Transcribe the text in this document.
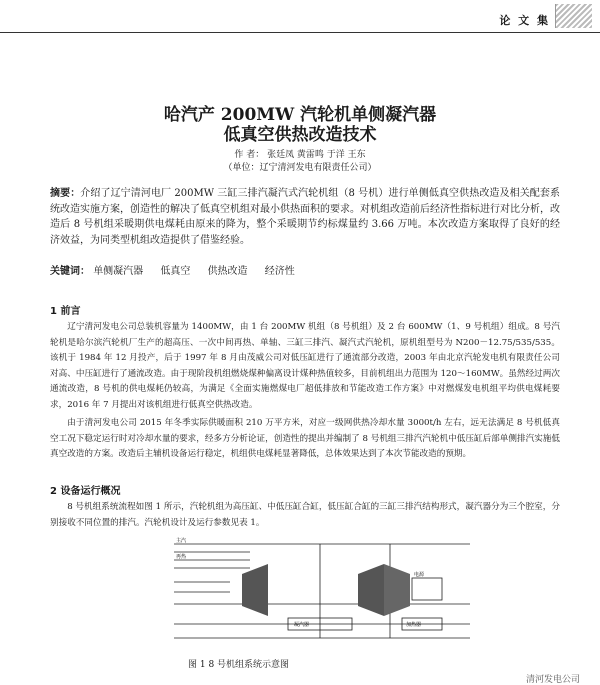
论 文 集
哈汽产 200MW 汽轮机单侧凝汽器
低真空供热改造技术
作 者： 张廷凤 黄雷鸣 于洋 王东
（单位：辽宁清河发电有限责任公司）
摘要：介绍了辽宁清河电厂 200MW 三缸三排汽凝汽式汽轮机组（8 号机）进行单侧低真空供热改造及相关配套系统改造实施方案，创造性的解决了低真空机组对最小供热面积的要求。对机组改造前后经济性指标进行对比分析，改造后 8 号机组采暖期供电煤耗由原来的降为，整个采暖期节约标煤量约 3.66 万吨。本次改造方案取得了良好的经济效益，为同类型机组改造提供了借鉴经验。
关键词： 单侧凝汽器 低真空 供热改造 经济性
1 前言

辽宁清河发电公司总装机容量为 1400MW，由 1 台 200MW 机组（8 号机组）及 2 台 600MW（1、9 号机组）组成。8 号汽轮机是哈尔滨汽轮机厂生产的超高压、一次中间再热、单轴、三缸三排汽、凝汽式汽轮机，原机组型号为 N200－12.75/535/535。该机于 1984 年 12 月投产，后于 1997 年 8 月由茂威公司对低压缸进行了通流部分改造，2003 年由北京汽轮发电机有限责任公司对高、中压缸进行了通流改造。由于现阶段机组燃烧煤种偏离设计煤种热值较多，目前机组出力范围为 120～160MW。虽然经过两次通流改造，8 号机的供电煤耗仍较高，为满足《全面实施燃煤电厂超低排放和节能改造工作方案》中对燃煤发电机组平均供电煤耗要求，2016 年 7 月提出对该机组进行低真空供热改造。

由于清河发电公司 2015 年冬季实际供暖面积 210 万平方米，对应一级网供热冷却水量 3000t/h 左右，远无法满足 8 号机低真空工况下稳定运行时对冷却水量的要求，经多方分析论证，创造性的提出并编制了 8 号机组三排汽汽轮机中低压缸后部单侧排汽实施低真空改造的方案。改造后主辅机设备运行稳定，机组供电煤耗显著降低，总体效果达到了本次节能改造的预期。

2 设备运行概况

8 号机组系统流程如图 1 所示，汽轮机组为高压缸、中低压缸合缸，低压缸合缸的三缸三排汽结构形式，凝汽器分为三个腔室，分别接收不同位置的排汽。汽轮机设计及运行参数见表 1。

主汽
再热
电源
凝汽器	加热器
图 1 8 号机组系统示意图
清河发电公司
